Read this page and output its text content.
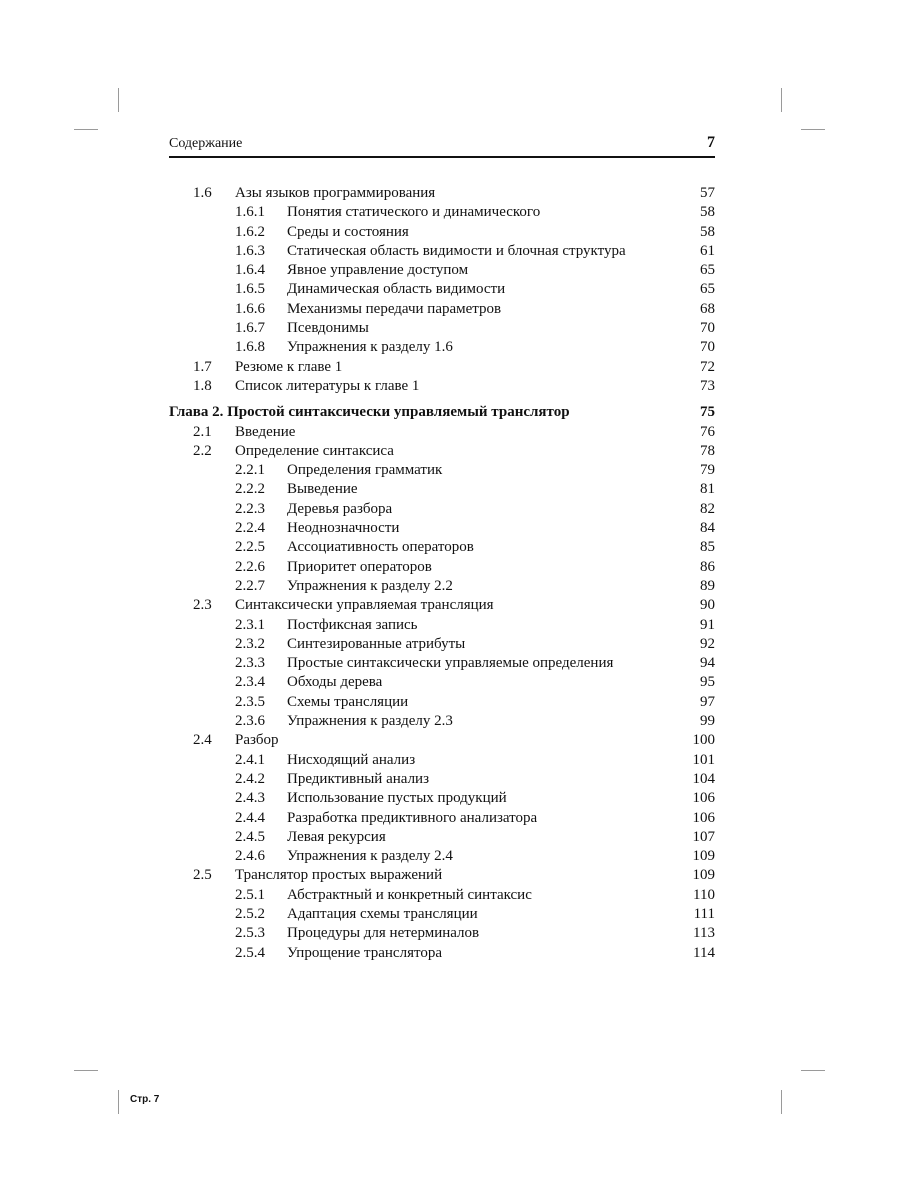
Содержание	7
1.6 Азы языков программирования	57
1.6.1 Понятия статического и динамического	58
1.6.2 Среды и состояния	58
1.6.3 Статическая область видимости и блочная структура	61
1.6.4 Явное управление доступом	65
1.6.5 Динамическая область видимости	65
1.6.6 Механизмы передачи параметров	68
1.6.7 Псевдонимы	70
1.6.8 Упражнения к разделу 1.6	70
1.7 Резюме к главе 1	72
1.8 Список литературы к главе 1	73
Глава 2. Простой синтаксически управляемый транслятор	75
2.1 Введение	76
2.2 Определение синтаксиса	78
2.2.1 Определения грамматик	79
2.2.2 Выведение	81
2.2.3 Деревья разбора	82
2.2.4 Неоднозначности	84
2.2.5 Ассоциативность операторов	85
2.2.6 Приоритет операторов	86
2.2.7 Упражнения к разделу 2.2	89
2.3 Синтаксически управляемая трансляция	90
2.3.1 Постфиксная запись	91
2.3.2 Синтезированные атрибуты	92
2.3.3 Простые синтаксически управляемые определения	94
2.3.4 Обходы дерева	95
2.3.5 Схемы трансляции	97
2.3.6 Упражнения к разделу 2.3	99
2.4 Разбор	100
2.4.1 Нисходящий анализ	101
2.4.2 Предиктивный анализ	104
2.4.3 Использование пустых продукций	106
2.4.4 Разработка предиктивного анализатора	106
2.4.5 Левая рекурсия	107
2.4.6 Упражнения к разделу 2.4	109
2.5 Транслятор простых выражений	109
2.5.1 Абстрактный и конкретный синтаксис	110
2.5.2 Адаптация схемы трансляции	111
2.5.3 Процедуры для нетерминалов	113
2.5.4 Упрощение транслятора	114
Стр. 7
